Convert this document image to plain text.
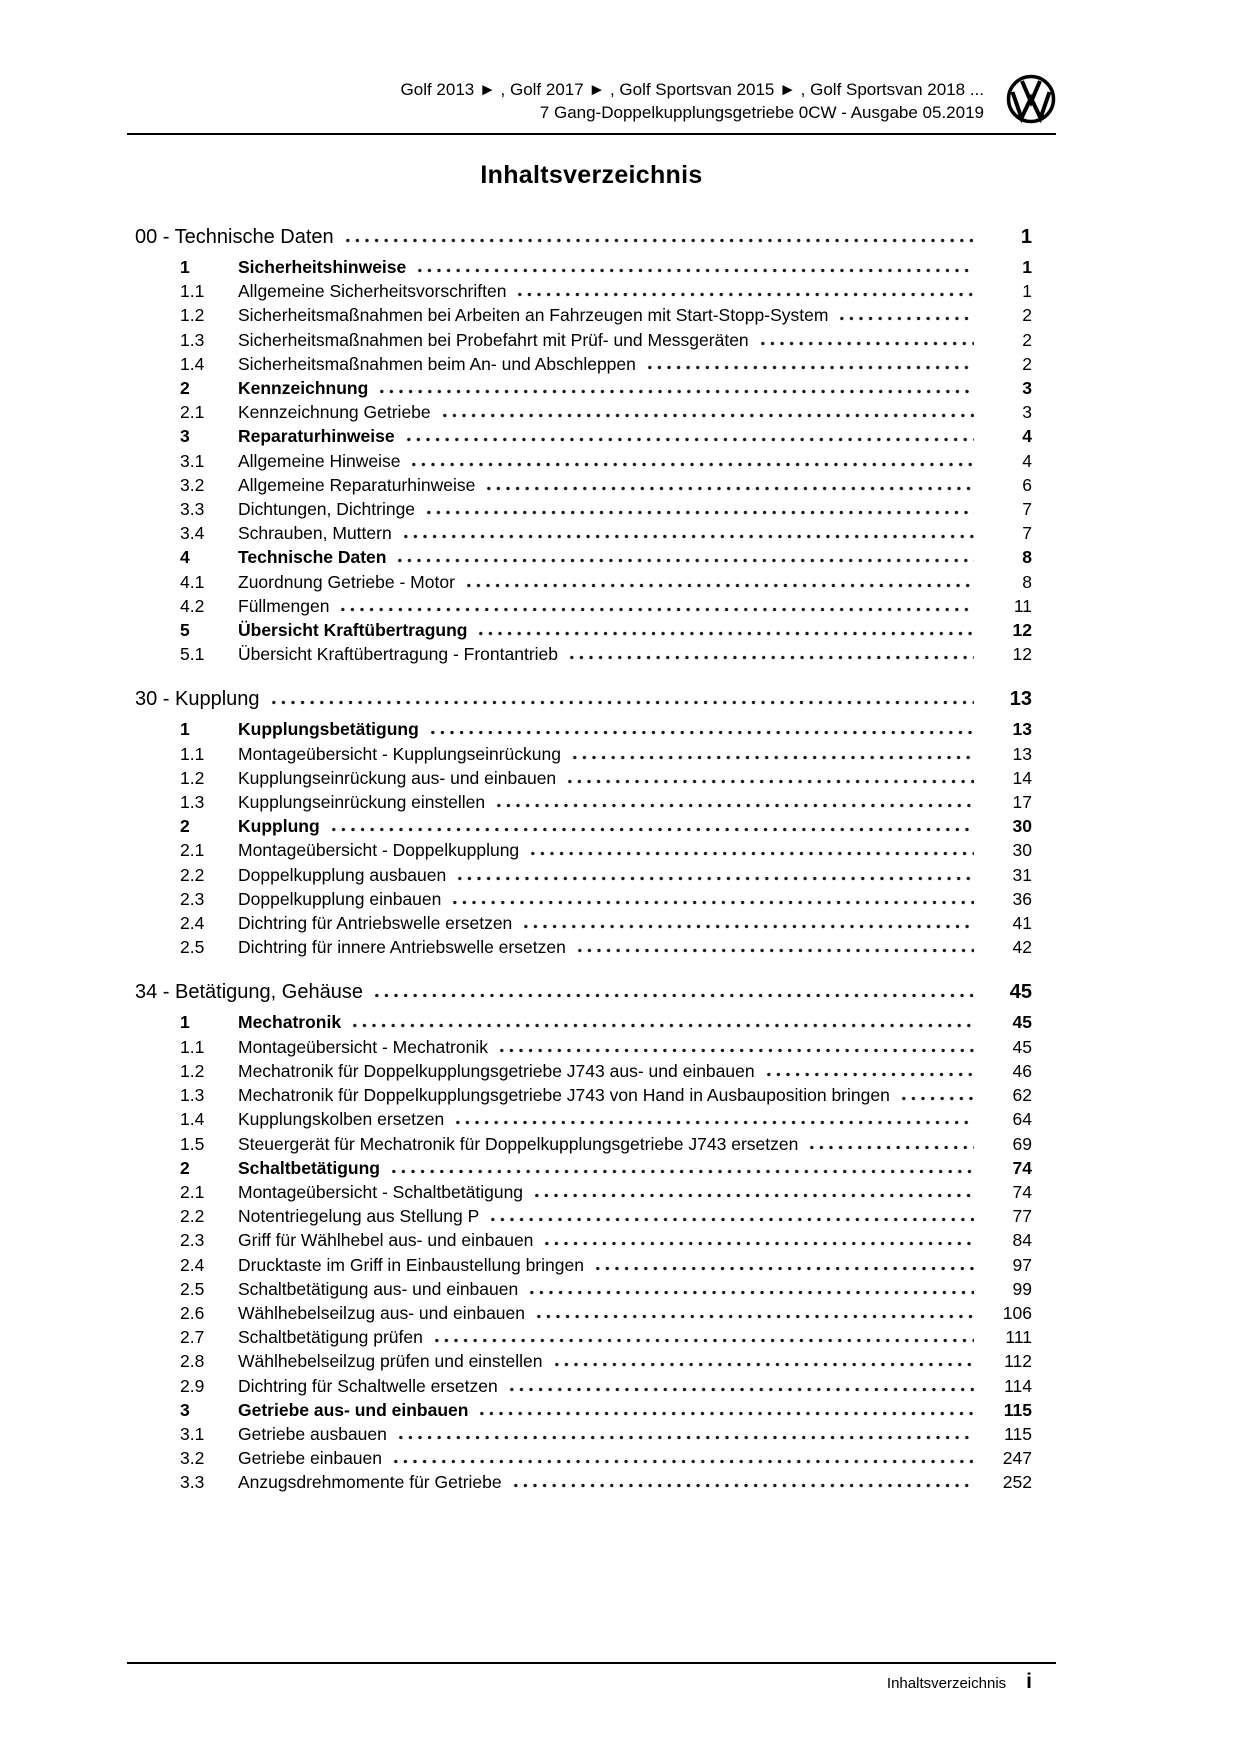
Golf 2013 ► , Golf 2017 ► , Golf Sportsvan 2015 ► , Golf Sportsvan 2018 ...
7 Gang-Doppelkupplungsgetriebe 0CW - Ausgabe 05.2019
Inhaltsverzeichnis
00 - Technische Daten	1
1	Sicherheitshinweise	1
1.1	Allgemeine Sicherheitsvorschriften	1
1.2	Sicherheitsmaßnahmen bei Arbeiten an Fahrzeugen mit Start-Stopp-System	2
1.3	Sicherheitsmaßnahmen bei Probefahrt mit Prüf- und Messgeräten	2
1.4	Sicherheitsmaßnahmen beim An- und Abschleppen	2
2	Kennzeichnung	3
2.1	Kennzeichnung Getriebe	3
3	Reparaturhinweise	4
3.1	Allgemeine Hinweise	4
3.2	Allgemeine Reparaturhinweise	6
3.3	Dichtungen, Dichtringe	7
3.4	Schrauben, Muttern	7
4	Technische Daten	8
4.1	Zuordnung Getriebe - Motor	8
4.2	Füllmengen	11
5	Übersicht Kraftübertragung	12
5.1	Übersicht Kraftübertragung - Frontantrieb	12
30 - Kupplung	13
1	Kupplungsbetätigung	13
1.1	Montageübersicht - Kupplungseinrückung	13
1.2	Kupplungseinrückung aus- und einbauen	14
1.3	Kupplungseinrückung einstellen	17
2	Kupplung	30
2.1	Montageübersicht - Doppelkupplung	30
2.2	Doppelkupplung ausbauen	31
2.3	Doppelkupplung einbauen	36
2.4	Dichtring für Antriebswelle ersetzen	41
2.5	Dichtring für innere Antriebswelle ersetzen	42
34 - Betätigung, Gehäuse	45
1	Mechatronik	45
1.1	Montageübersicht - Mechatronik	45
1.2	Mechatronik für Doppelkupplungsgetriebe J743 aus- und einbauen	46
1.3	Mechatronik für Doppelkupplungsgetriebe J743 von Hand in Ausbauposition bringen	62
1.4	Kupplungskolben ersetzen	64
1.5	Steuergerät für Mechatronik für Doppelkupplungsgetriebe J743 ersetzen	69
2	Schaltbetätigung	74
2.1	Montageübersicht - Schaltbetätigung	74
2.2	Notentriegelung aus Stellung P	77
2.3	Griff für Wählhebel aus- und einbauen	84
2.4	Drucktaste im Griff in Einbaustellung bringen	97
2.5	Schaltbetätigung aus- und einbauen	99
2.6	Wählhebelseilzug aus- und einbauen	106
2.7	Schaltbetätigung prüfen	111
2.8	Wählhebelseilzug prüfen und einstellen	112
2.9	Dichtring für Schaltwelle ersetzen	114
3	Getriebe aus- und einbauen	115
3.1	Getriebe ausbauen	115
3.2	Getriebe einbauen	247
3.3	Anzugsdrehmomente für Getriebe	252
Inhaltsverzeichnis i
